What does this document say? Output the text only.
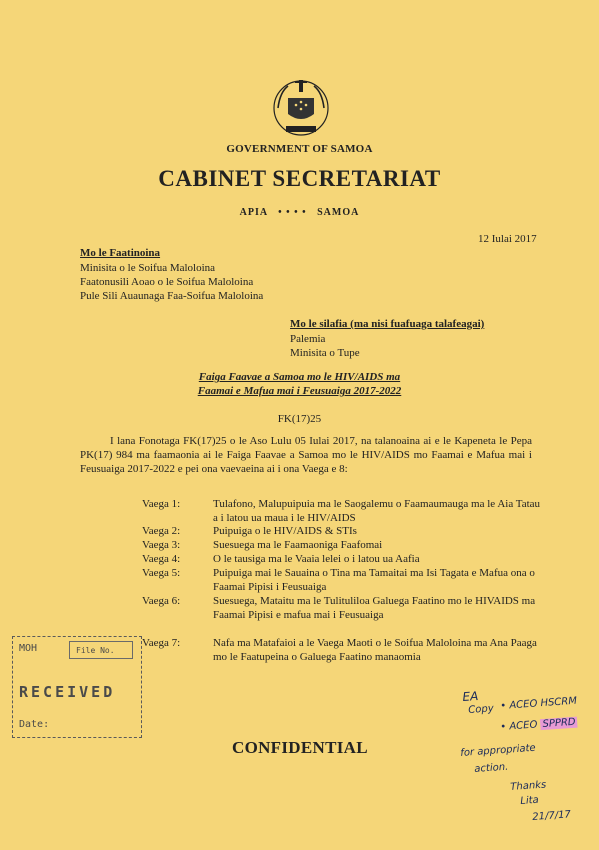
GOVERNMENT OF SAMOA
CABINET SECRETARIAT
APIA • • • • SAMOA
12 Iulai 2017
Mo le Faatinoina
Minisita o le Soifua Maloloina
Faatonusili Aoao o le Soifua Maloloina
Pule Sili Auaunaga Faa-Soifua Maloloina
Mo le silafia (ma nisi fuafuaga talafeagai)
Palemia
Minisita o Tupe
Faiga Faavae a Samoa mo le HIV/AIDS ma
Faamai e Mafua mai i Feusuaiga 2017-2022
FK(17)25
I lana Fonotaga FK(17)25 o le Aso Lulu 05 Iulai 2017, na talanoaina ai e le Kapeneta le Pepa PK(17) 984 ma faamaonia ai le Faiga Faavae a Samoa mo le HIV/AIDS mo Faamai e Mafua mai i Feusuaiga 2017-2022 e pei ona vaevaeina ai i ona Vaega e 8:
Vaega 1:	Tulafono, Malupuipuia ma le Saogalemu o Faamaumauga ma le Aia Tatau a i latou ua maua i le HIV/AIDS
Vaega 2:	Puipuiga o le HIV/AIDS & STIs
Vaega 3:	Suesuega ma le Faamaoniga Faafomai
Vaega 4:	O le tausiga ma le Vaaia lelei o i latou ua Aafia
Vaega 5:	Puipuiga mai le Sauaina o Tina ma Tamaitai ma Isi Tagata e Mafua ona o Faamai Pipisi i Feusuaiga
Vaega 6:	Suesuega, Mataitu ma le Tulituliloa Galuega Faatino mo le HIVAIDS ma Faamai Pipisi e mafua mai i Feusuaiga
Vaega 7:	Nafa ma Matafaioi a le Vaega Maoti o le Soifua Maloloina ma Ana Paaga mo le Faatupeina o Galuega Faatino manaomia
MOH	File No.
RECEIVED
Date:
CONFIDENTIAL
EA
Copy • ACEO HSCRM
• ACEO SPPRD
for appropriate
action.
Thanks
Lita
21/7/17
